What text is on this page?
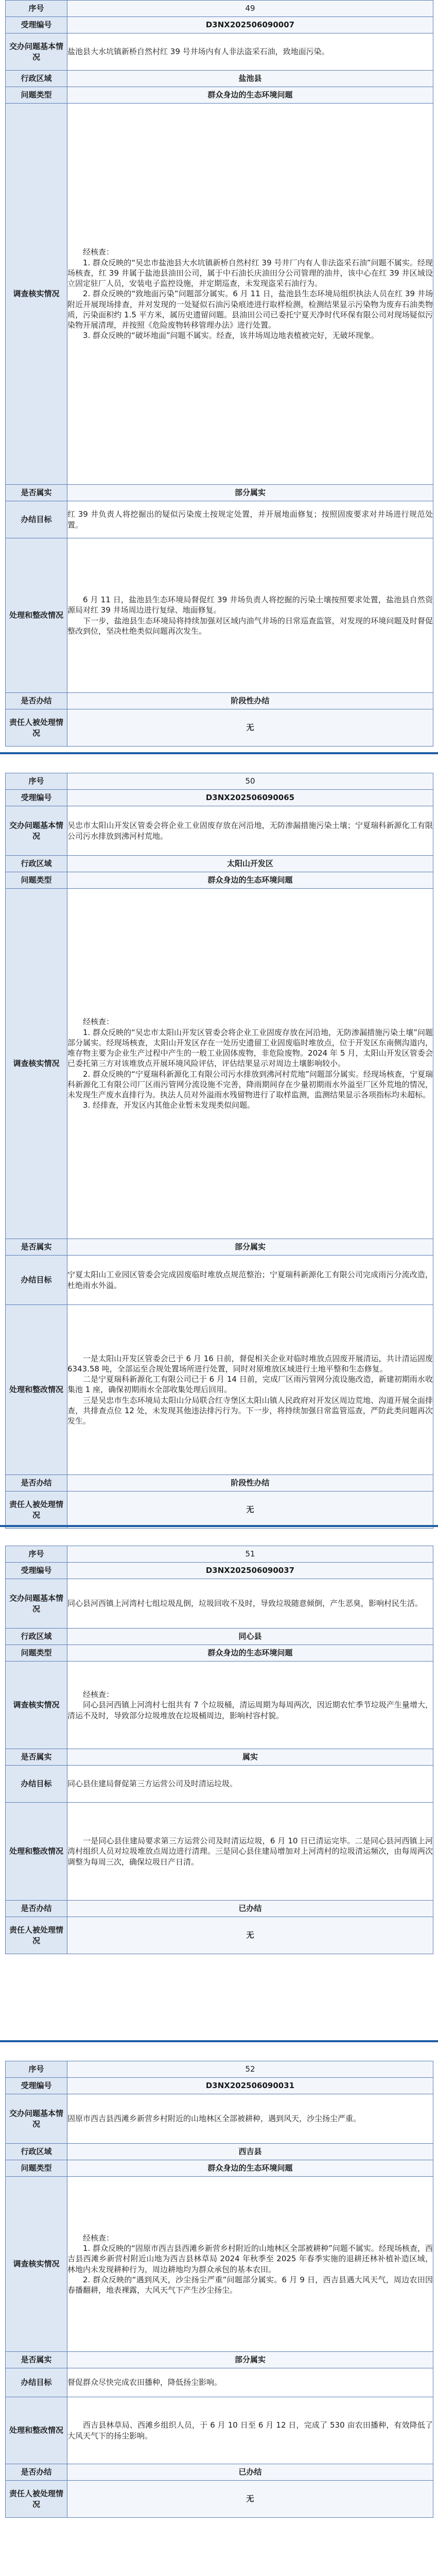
序号	49
受理编号	D3NX202506090007
交办问题基本情况	盐池县大水坑镇新桥自然村红 39 号井场内有人非法盗采石油，致地面污染。
行政区域	盐池县
问题类型	群众身边的生态环境问题
调查核实情况	经核查：

1. 群众反映的“吴忠市盐池县大水坑镇新桥自然村红 39 号井厂内有人非法盗采石油”问题不属实。经现场核查，红 39 井属于盐池县油田公司，属于中石油长庆油田分公司管理的油井，该中心在红 39 井区域设立固定驻厂人员，安装电子监控设施，并定期巡查，未发现盗采石油行为。

2. 群众反映的“致地面污染”问题部分属实。6 月 11 日，盐池县生态环境局组织执法人员在红 39 井场附近开展现场排查，并对发现的一处疑似石油污染痕迹进行取样检测，检测结果显示污染物为废弃石油类物质，污染面积约 1.5 平方米，属历史遗留问题。县油田公司已委托宁夏天净时代环保有限公司对现场疑似污染物开展清理，并按照《危险废物转移管理办法》进行处置。

3. 群众反映的“破坏地面”问题不属实。经查，该井场周边地表植被完好，无破坏现象。

是否属实	部分属实
办结目标	红 39 井负责人将挖掘出的疑似污染废土按规定处置，并开展地面修复；按照固废要求对井场进行规范处置。
处理和整改情况	6 月 11 日，盐池县生态环境局督促红 39 井场负责人将挖掘的污染土壤按照要求处置，盐池县自然资源局对红 39 井场周边进行复绿、地面修复。

下一步，盐池县生态环境局将持续加强对区域内油气井场的日常巡查监管，对发现的环境问题及时督促整改到位，坚决杜绝类似问题再次发生。

是否办结	阶段性办结
责任人被处理情况	无
序号	50
受理编号	D3NX202506090065
交办问题基本情况	吴忠市太阳山开发区管委会将企业工业固废存放在河沿地，无防渗漏措施污染土壤；宁夏瑞科新源化工有限公司污水排放到沸河村荒地。
行政区域	太阳山开发区
问题类型	群众身边的生态环境问题
调查核实情况	经核查：

1. 群众反映的“吴忠市太阳山开发区管委会将企业工业固废存放在河沿地，无防渗漏措施污染土壤”问题部分属实。经现场核查，太阳山开发区存在一处历史遗留工业固废临时堆放点，位于开发区东南侧沟道内，堆存物主要为企业生产过程中产生的一般工业固体废物，非危险废物。2024 年 5 月，太阳山开发区管委会已委托第三方对该堆放点开展环境风险评估，评估结果显示对周边土壤影响较小。

2. 群众反映的“宁夏瑞科新源化工有限公司污水排放到沸河村荒地”问题部分属实。经现场核查，宁夏瑞科新源化工有限公司厂区雨污管网分流设施不完善，降雨期间存在少量初期雨水外溢至厂区外荒地的情况，未发现生产废水直排行为。执法人员对外溢雨水残留物进行了取样监测，监测结果显示各项指标均未超标。

3. 经排查，开发区内其他企业暂未发现类似问题。

是否属实	部分属实
办结目标	宁夏太阳山工业园区管委会完成固废临时堆放点规范整治；宁夏瑞科新源化工有限公司完成雨污分流改造，杜绝雨水外溢。
处理和整改情况	一是太阳山开发区管委会已于 6 月 16 日前，督促相关企业对临时堆放点固废开展清运，共计清运固废 6343.58 吨，全部运至合规处置场所进行处置，同时对原堆放区域进行土地平整和生态修复。

二是宁夏瑞科新源化工有限公司已于 6 月 14 日前，完成厂区雨污管网分流设施改造，新建初期雨水收集池 1 座，确保初期雨水全部收集处理后回用。

三是吴忠市生态环境局太阳山分局联合红寺堡区太阳山镇人民政府对开发区周边荒地、沟道开展全面排查，共排查点位 12 处，未发现其他违法排污行为。下一步，将持续加强日常监管巡查，严防此类问题再次发生。

是否办结	阶段性办结
责任人被处理情况	无
序号	51
受理编号	D3NX202506090037
交办问题基本情况	同心县河西镇上河湾村七组垃圾乱倒，垃圾回收不及时，导致垃圾随意倾倒，产生恶臭，影响村民生活。
行政区域	同心县
问题类型	群众身边的生态环境问题
调查核实情况	经核查：

同心县河西镇上河湾村七组共有 7 个垃圾桶，清运周期为每周两次，因近期农忙季节垃圾产生量增大，清运不及时，导致部分垃圾堆放在垃圾桶周边，影响村容村貌。

是否属实	属实
办结目标	同心县住建局督促第三方运营公司及时清运垃圾。
处理和整改情况	一是同心县住建局要求第三方运营公司及时清运垃圾，6 月 10 日已清运完毕。二是同心县河西镇上河湾村组织人员对垃圾堆放点周边进行清理。三是同心县住建局增加对上河湾村的垃圾清运频次，由每周两次调整为每周三次，确保垃圾日产日清。

是否办结	已办结
责任人被处理情况	无
序号	52
受理编号	D3NX202506090031
交办问题基本情况	固原市西吉县西滩乡新营乡村附近的山地林区全部被耕种，遇到风天，沙尘扬尘严重。
行政区域	西吉县
问题类型	群众身边的生态环境问题
调查核实情况	经核查：

1. 群众反映的“固原市西吉县西滩乡新营乡村附近的山地林区全部被耕种”问题不属实。经现场核查，西吉县西滩乡新营村附近山地为西吉县林草局 2024 年秋季至 2025 年春季实施的退耕还林补植补造区域，林地内未发现耕种行为，周边耕地均为群众承包的基本农田。

2. 群众反映的“遇到风天，沙尘扬尘严重”问题部分属实。6 月 9 日，西吉县遇大风天气，周边农田因春播翻耕，地表裸露，大风天气下产生沙尘扬尘。

是否属实	部分属实
办结目标	督促群众尽快完成农田播种，降低扬尘影响。
处理和整改情况	西吉县林草局、西滩乡组织人员，于 6 月 10 日至 6 月 12 日，完成了 530 亩农田播种，有效降低了大风天气下的扬尘影响。

是否办结	已办结
责任人被处理情况	无
